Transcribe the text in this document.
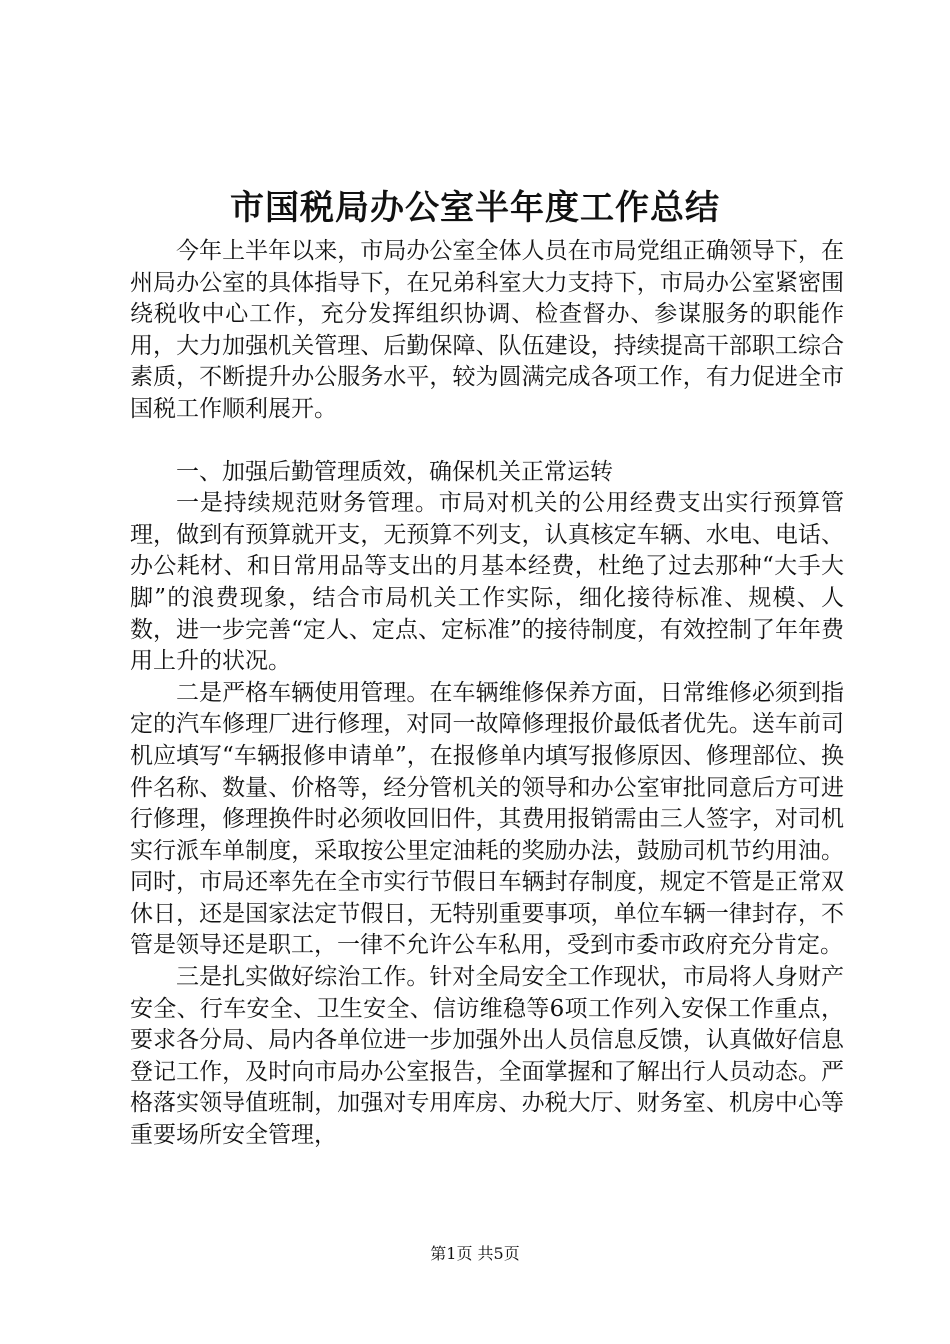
市国税局办公室半年度工作总结

今年上半年以来，市局办公室全体人员在市局党组正确领导下，在州局办公室的具体指导下，在兄弟科室大力支持下，市局办公室紧密围绕税收中心工作，充分发挥组织协调、检查督办、参谋服务的职能作用，大力加强机关管理、后勤保障、队伍建设，持续提高干部职工综合素质，不断提升办公服务水平，较为圆满完成各项工作，有力促进全市国税工作顺利展开。

一、加强后勤管理质效，确保机关正常运转

一是持续规范财务管理。市局对机关的公用经费支出实行预算管理，做到有预算就开支，无预算不列支，认真核定车辆、水电、电话、办公耗材、和日常用品等支出的月基本经费，杜绝了过去那种“大手大脚”的浪费现象，结合市局机关工作实际，细化接待标准、规模、人数，进一步完善“定人、定点、定标准”的接待制度，有效控制了年年费用上升的状况。

二是严格车辆使用管理。在车辆维修保养方面，日常维修必须到指定的汽车修理厂进行修理，对同一故障修理报价最低者优先。送车前司机应填写“车辆报修申请单”，在报修单内填写报修原因、修理部位、换件名称、数量、价格等，经分管机关的领导和办公室审批同意后方可进行修理，修理换件时必须收回旧件，其费用报销需由三人签字，对司机实行派车单制度，采取按公里定油耗的奖励办法，鼓励司机节约用油。同时，市局还率先在全市实行节假日车辆封存制度，规定不管是正常双休日，还是国家法定节假日，无特别重要事项，单位车辆一律封存，不管是领导还是职工，一律不允许公车私用，受到市委市政府充分肯定。

三是扎实做好综治工作。针对全局安全工作现状，市局将人身财产安全、行车安全、卫生安全、信访维稳等6项工作列入安保工作重点，要求各分局、局内各单位进一步加强外出人员信息反馈，认真做好信息登记工作，及时向市局办公室报告，全面掌握和了解出行人员动态。严格落实领导值班制，加强对专用库房、办税大厅、财务室、机房中心等重要场所安全管理，

第1页 共5页
